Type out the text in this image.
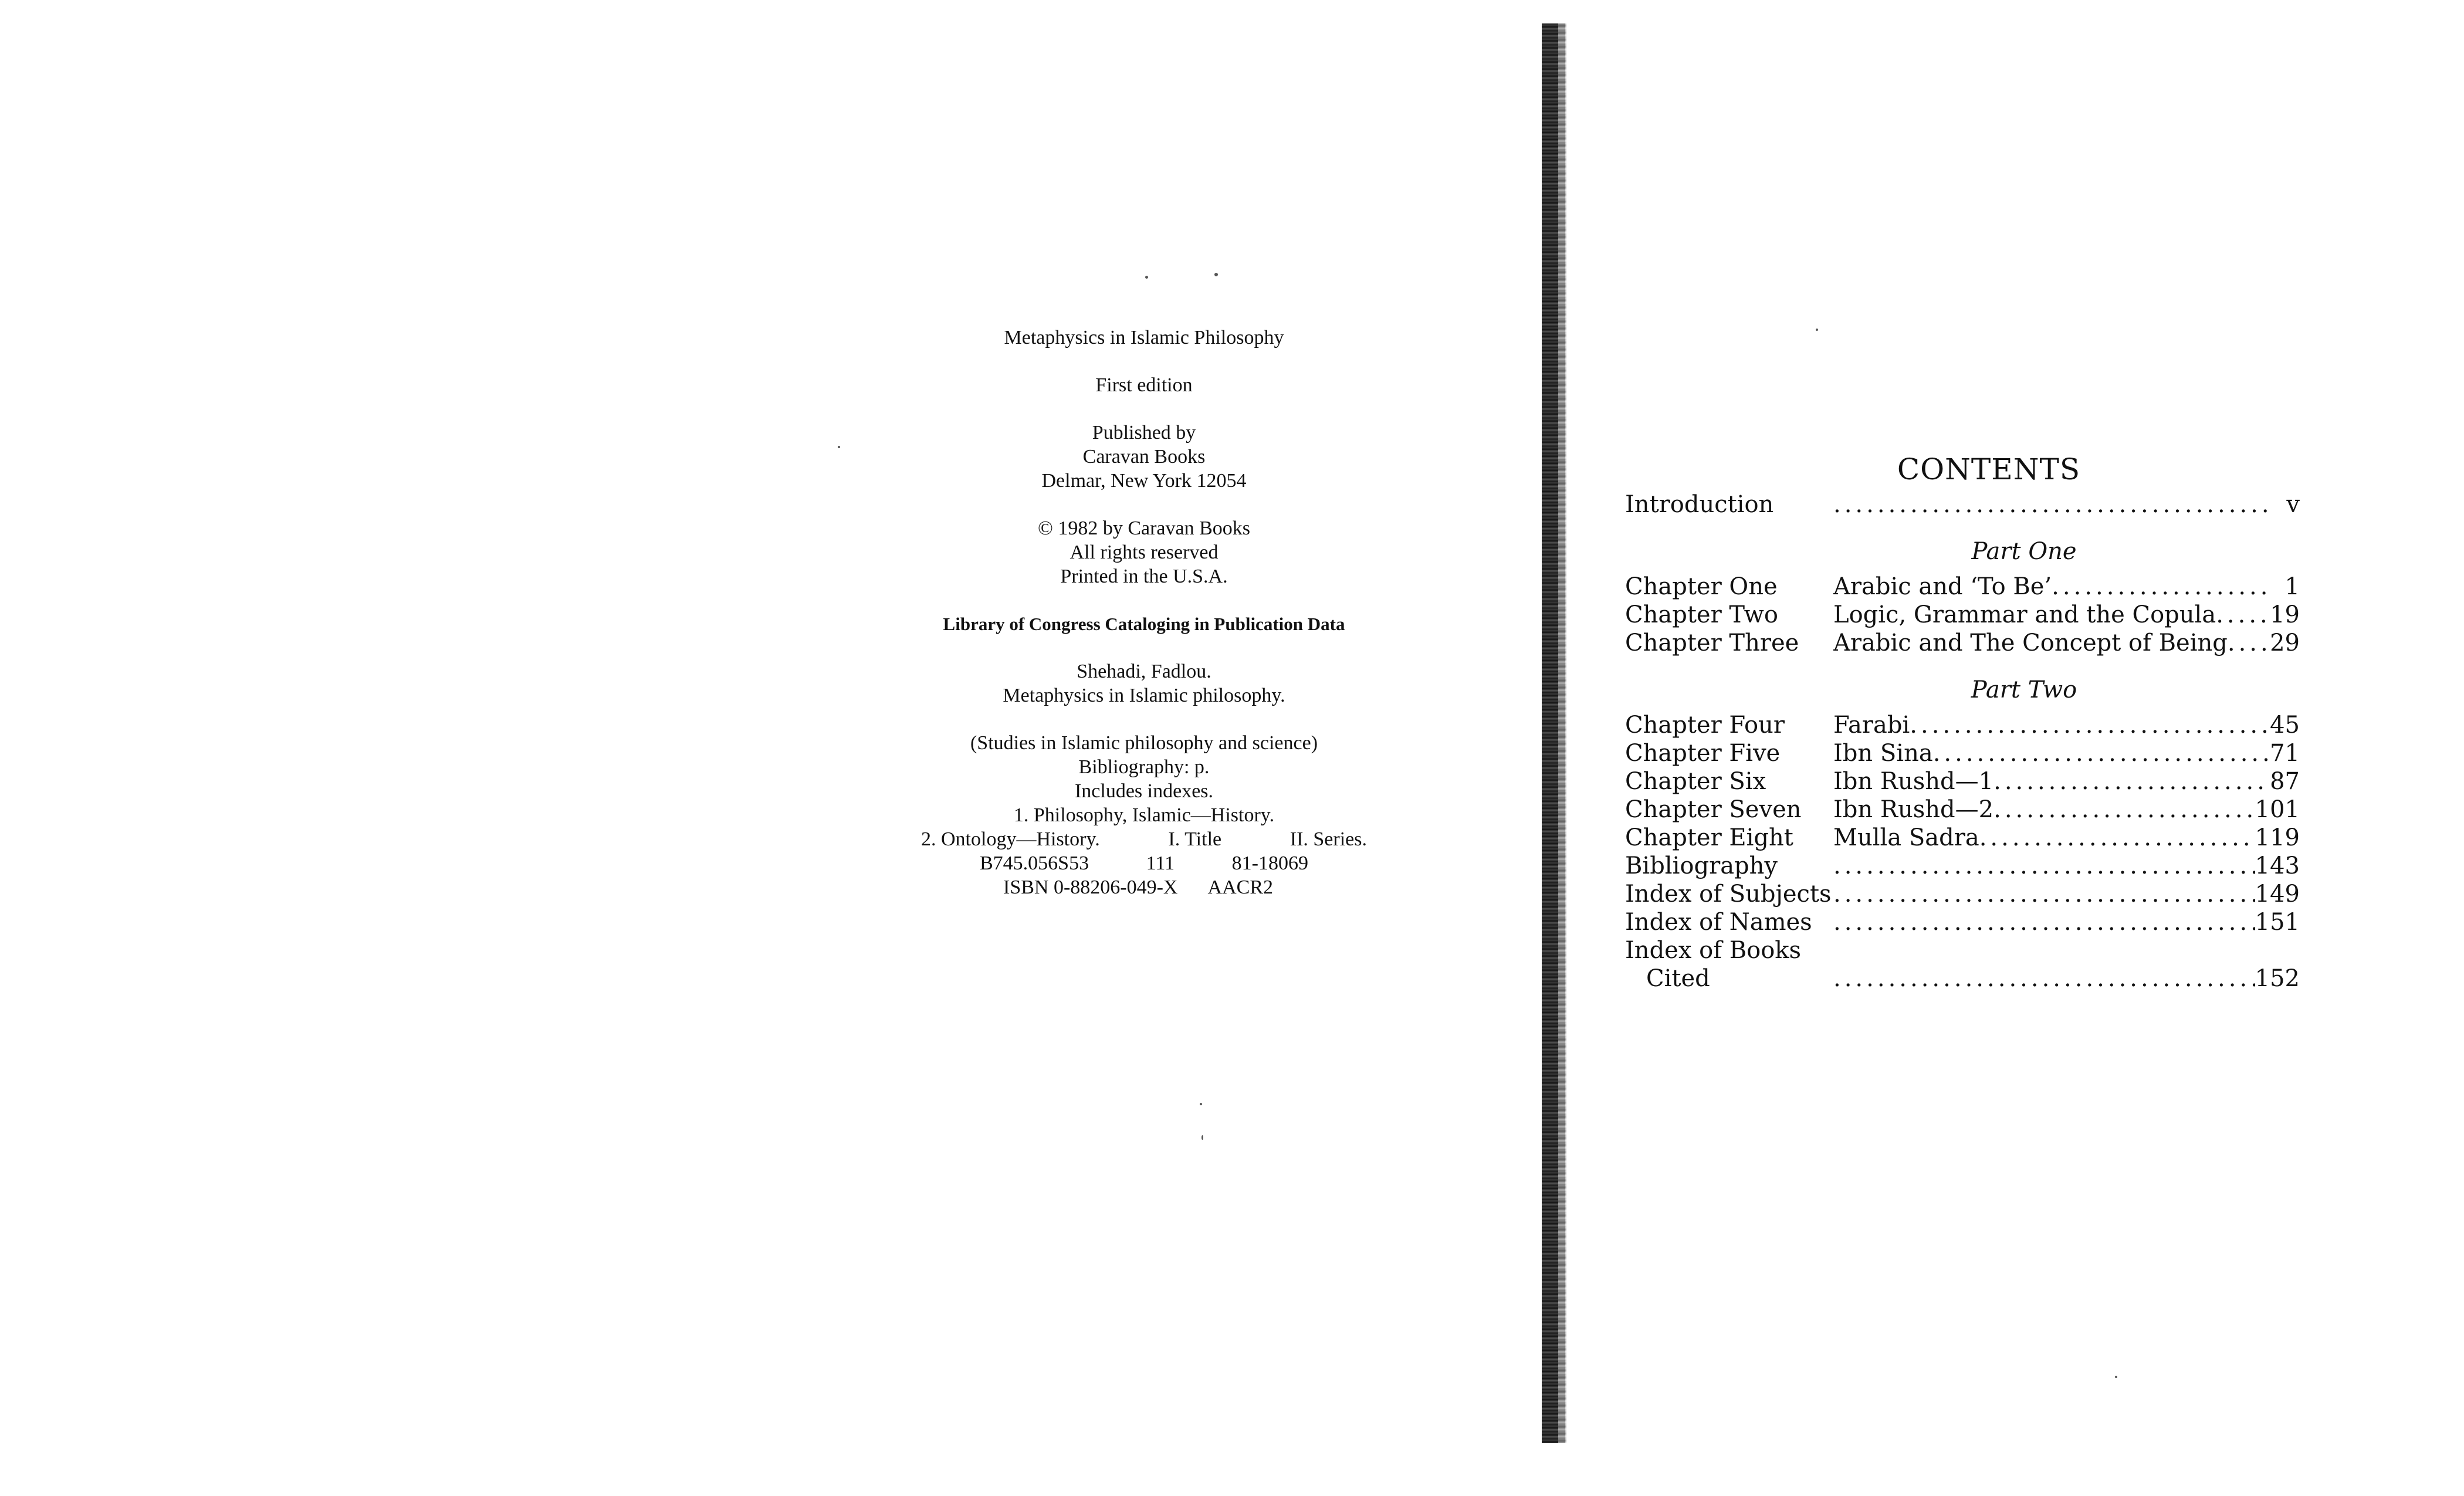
Metaphysics in Islamic Philosophy
First edition
Published by
Caravan Books
Delmar, New York 12054
© 1982 by Caravan Books
All rights reserved
Printed in the U.S.A.
Library of Congress Cataloging in Publication Data
Shehadi, Fadlou.
Metaphysics in Islamic philosophy.
(Studies in Islamic philosophy and science)
Bibliography: p.
Includes indexes.
1. Philosophy, Islamic—History.
2. Ontology—History.	I. Title	II. Series.
B745.056S53	111	81-18069
ISBN 0-88206-049-X AACR2
CONTENTS
Introduction .....	v
Part One
Chapter One	Arabic and ‘To Be’ .....	1
Chapter Two	Logic, Grammar and the Copula ..... 19
Chapter Three	Arabic and The Concept of Being ..... 29
Part Two
Chapter Four	Farabi .....	45
Chapter Five	Ibn Sina .....	71
Chapter Six	Ibn Rushd—1 .....	87
Chapter Seven	Ibn Rushd—2 .....	101
Chapter Eight	Mulla Sadra .....	119
Bibliography .....	143
Index of Subjects .....	149
Index of Names .....	151
Index of Books
Cited .....	152
